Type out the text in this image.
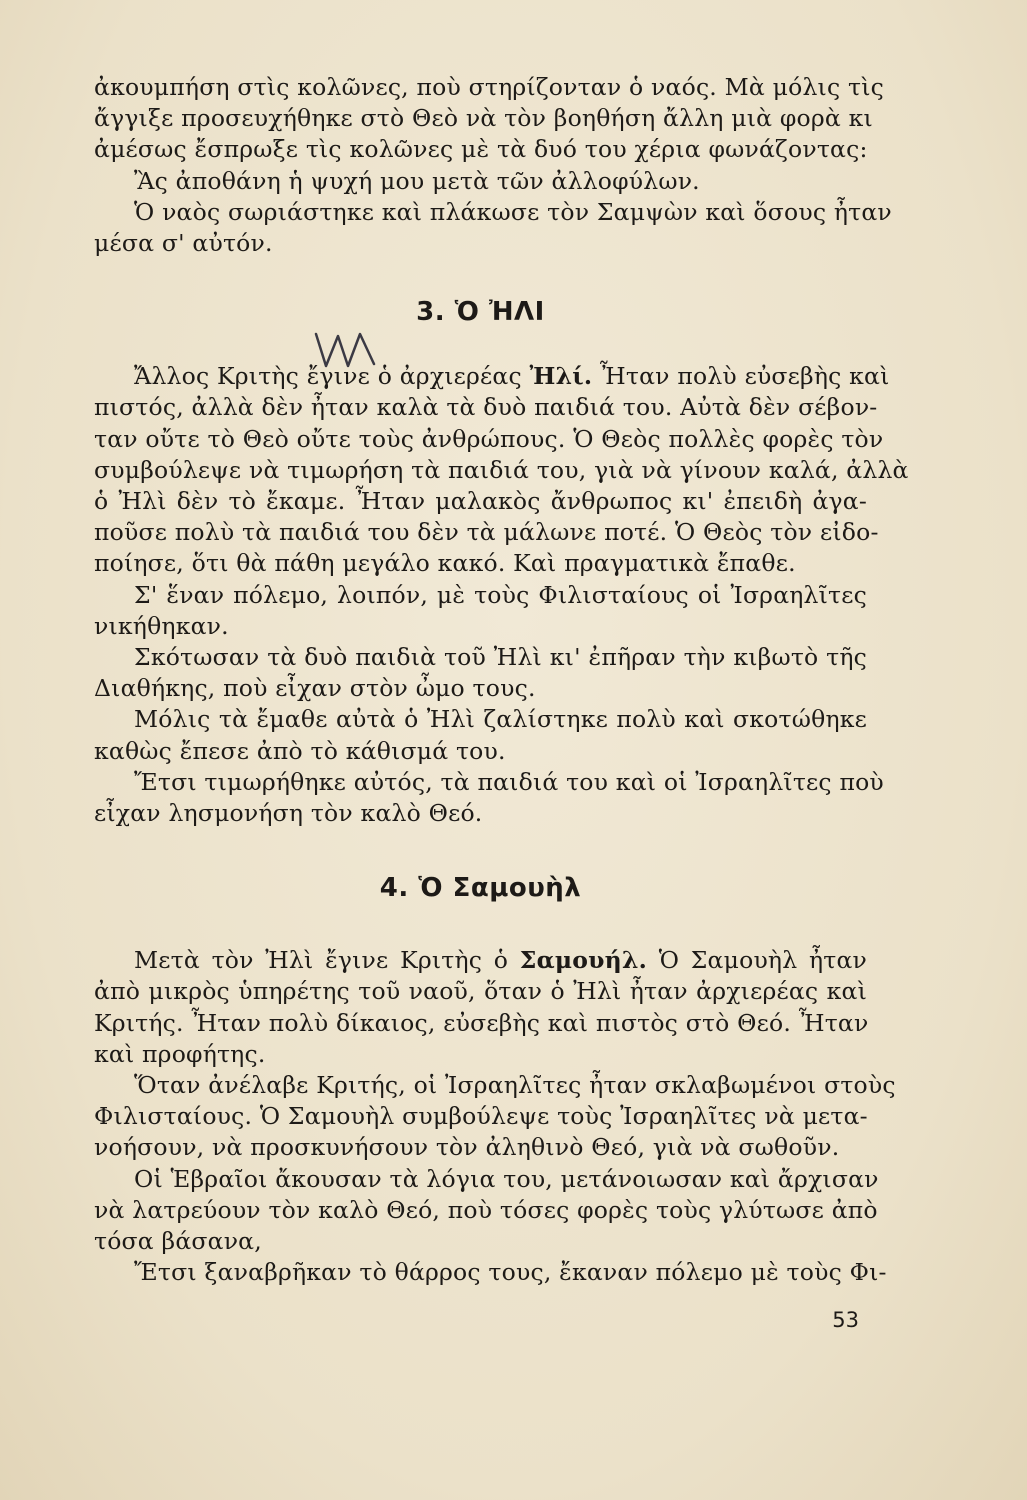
ἀκουμπήση στὶς κολῶνες, ποὺ στηρίζονταν ὁ ναός. Μὰ μόλις τὶς

ἄγγιξε προσευχήθηκε στὸ Θεὸ νὰ τὸν βοηθήση ἄλλη μιὰ φορὰ κι

ἀμέσως ἔσπρωξε τὶς κολῶνες μὲ τὰ δυό του χέρια φωνάζοντας:

Ἂς ἀποθάνη ἡ ψυχή μου μετὰ τῶν ἀλλοφύλων.

Ὁ ναὸς σωριάστηκε καὶ πλάκωσε τὸν Σαμψὼν καὶ ὅσους ἦταν

μέσα σ' αὐτόν.

3. Ὁ ἨΛΙ

Ἄλλος Κριτὴς ἔγινε ὁ ἀρχιερέας Ἠλί. Ἦταν πολὺ εὐσεβὴς καὶ

πιστός, ἀλλὰ δὲν ἦταν καλὰ τὰ δυὸ παιδιά του. Αὐτὰ δὲν σέβον-

ταν οὔτε τὸ Θεὸ οὔτε τοὺς ἀνθρώπους. Ὁ Θεὸς πολλὲς φορὲς τὸν

συμβούλεψε νὰ τιμωρήση τὰ παιδιά του, γιὰ νὰ γίνουν καλά, ἀλλὰ

ὁ Ἠλὶ δὲν τὸ ἔκαμε. Ἦταν μαλακὸς ἄνθρωπος κι' ἐπειδὴ ἀγα-

ποῦσε πολὺ τὰ παιδιά του δὲν τὰ μάλωνε ποτέ. Ὁ Θεὸς τὸν εἰδο-

ποίησε, ὅτι θὰ πάθη μεγάλο κακό. Καὶ πραγματικὰ ἔπαθε.

Σ' ἕναν πόλεμο, λοιπόν, μὲ τοὺς Φιλισταίους οἱ Ἰσραηλῖτες

νικήθηκαν.

Σκότωσαν τὰ δυὸ παιδιὰ τοῦ Ἠλὶ κι' ἐπῆραν τὴν κιβωτὸ τῆς

Διαθήκης, ποὺ εἶχαν στὸν ὦμο τους.

Μόλις τὰ ἔμαθε αὐτὰ ὁ Ἠλὶ ζαλίστηκε πολὺ καὶ σκοτώθηκε

καθὼς ἔπεσε ἀπὸ τὸ κάθισμά του.

Ἔτσι τιμωρήθηκε αὐτός, τὰ παιδιά του καὶ οἱ Ἰσραηλῖτες ποὺ

εἶχαν λησμονήση τὸν καλὸ Θεό.

4. Ὁ Σαμουὴλ

Μετὰ τὸν Ἠλὶ ἔγινε Κριτὴς ὁ Σαμουήλ. Ὁ Σαμουὴλ ἦταν

ἀπὸ μικρὸς ὑπηρέτης τοῦ ναοῦ, ὅταν ὁ Ἠλὶ ἦταν ἀρχιερέας καὶ

Κριτής. Ἦταν πολὺ δίκαιος, εὐσεβὴς καὶ πιστὸς στὸ Θεό. Ἦταν

καὶ προφήτης.

Ὅταν ἀνέλαβε Κριτής, οἱ Ἰσραηλῖτες ἦταν σκλαβωμένοι στοὺς

Φιλισταίους. Ὁ Σαμουὴλ συμβούλεψε τοὺς Ἰσραηλῖτες νὰ μετα-

νοήσουν, νὰ προσκυνήσουν τὸν ἀληθινὸ Θεό, γιὰ νὰ σωθοῦν.

Οἱ Ἑβραῖοι ἄκουσαν τὰ λόγια του, μετάνοιωσαν καὶ ἄρχισαν

νὰ λατρεύουν τὸν καλὸ Θεό, ποὺ τόσες φορὲς τοὺς γλύτωσε ἀπὸ

τόσα βάσανα,

Ἔτσι ξαναβρῆκαν τὸ θάρρος τους, ἔκαναν πόλεμο μὲ τοὺς Φι-

53
